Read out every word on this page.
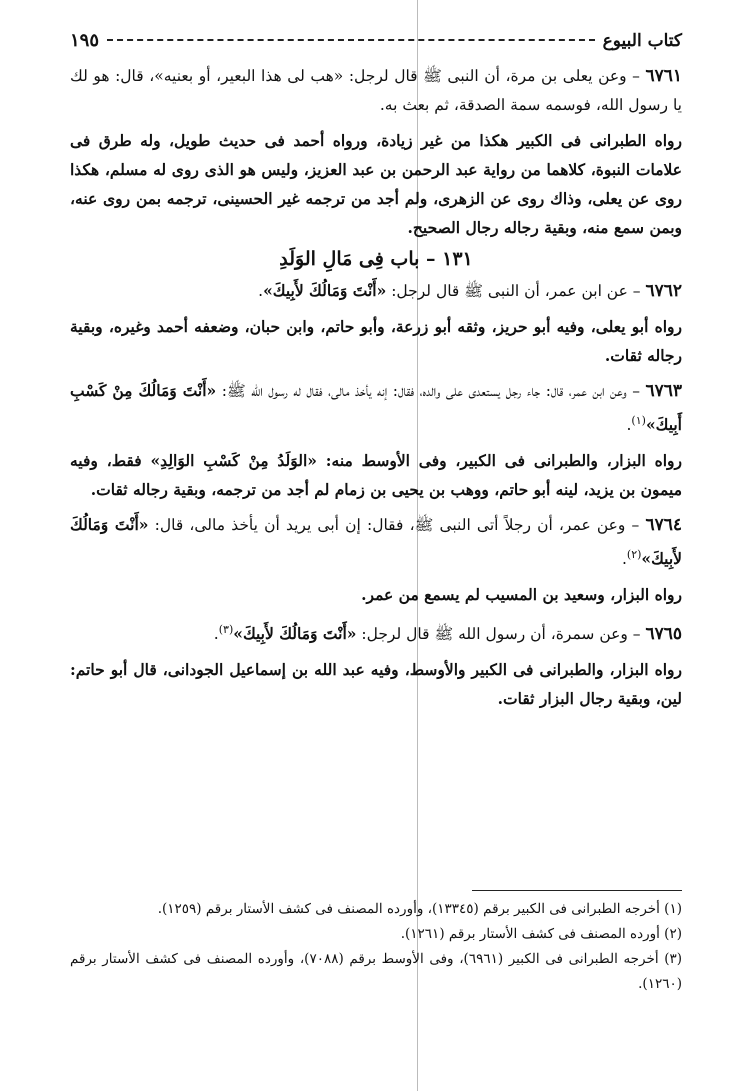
كتاب البيوع
١٩٥

٦٧٦١ – وعن يعلى بن مرة، أن النبى ﷺ قال لرجل: «هب لى هذا البعير، أو بعنيه»، قال: هو لك يا رسول الله، فوسمه سمة الصدقة، ثم بعث به.

رواه الطبرانى فى الكبير هكذا من غير زيادة، ورواه أحمد فى حديث طويل، وله طرق فى علامات النبوة، كلاهما من رواية عبد الرحمن بن عبد العزيز، وليس هو الذى روى له مسلم، هكذا روى عن يعلى، وذاك روى عن الزهرى، ولم أجد من ترجمه غير الحسينى، ترجمه بمن روى عنه، وبمن سمع منه، وبقية رجاله رجال الصحيح.

١٣١ – باب فِى مَالِ الوَلَدِ

٦٧٦٢ – عن ابن عمر، أن النبى ﷺ قال لرجل: «أَنْتَ وَمَالُكَ لأَبِيكَ».

رواه أبو يعلى، وفيه أبو حريز، وثقه أبو زرعة، وأبو حاتم، وابن حبان، وضعفه أحمد وغيره، وبقية رجاله ثقات.

٦٧٦٣ – وعن ابن عمر، قال: جاء رجل يستعدى على والده، فقال: إنه يأخذ مالى، فقال له رسول الله ﷺ: «أَنْتَ وَمَالُكَ مِنْ كَسْبِ أَبِيكَ»$^{(١)}$.

رواه البزار، والطبرانى فى الكبير، وفى الأوسط منه: «الوَلَدُ مِنْ كَسْبِ الوَالِدِ» فقط، وفيه ميمون بن يزيد، لينه أبو حاتم، ووهب بن يحيى بن زمام لم أجد من ترجمه، وبقية رجاله ثقات.

٦٧٦٤ – وعن عمر، أن رجلاً أتى النبى ﷺ، فقال: إن أبى يريد أن يأخذ مالى، قال: «أَنْتَ وَمَالُكَ لأَبِيكَ»$^{(٢)}$.

رواه البزار، وسعيد بن المسيب لم يسمع من عمر.

٦٧٦٥ – وعن سمرة، أن رسول الله ﷺ قال لرجل: «أَنْتَ وَمَالُكَ لأَبِيكَ»$^{(٣)}$.

رواه البزار، والطبرانى فى الكبير والأوسط، وفيه عبد الله بن إسماعيل الجودانى، قال أبو حاتم: لين، وبقية رجال البزار ثقات.

(١) أخرجه الطبرانى فى الكبير برقم (١٣٣٤٥)، وأورده المصنف فى كشف الأستار برقم (١٢٥٩).

(٢) أورده المصنف فى كشف الأستار برقم (١٢٦١).

(٣) أخرجه الطبرانى فى الكبير (٦٩٦١)، وفى الأوسط برقم (٧٠٨٨)، وأورده المصنف فى كشف الأستار برقم (١٢٦٠).
